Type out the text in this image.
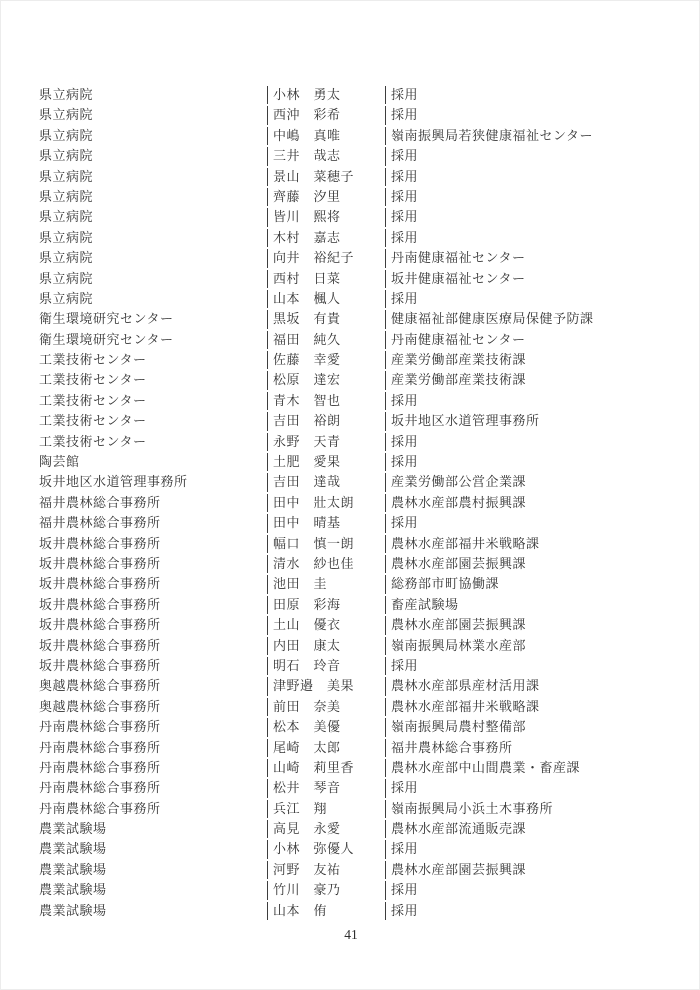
県立病院	小林　勇太	採用
県立病院	西沖　彩希	採用
県立病院	中嶋　真唯	嶺南振興局若狭健康福祉センター
県立病院	三井　哉志	採用
県立病院	景山　菜穂子	採用
県立病院	齊藤　汐里	採用
県立病院	皆川　熙将	採用
県立病院	木村　嘉志	採用
県立病院	向井　裕紀子	丹南健康福祉センター
県立病院	西村　日菜	坂井健康福祉センター
県立病院	山本　楓人	採用
衛生環境研究センター	黒坂　有貴	健康福祉部健康医療局保健予防課
衛生環境研究センター	福田　純久	丹南健康福祉センター
工業技術センター	佐藤　幸愛	産業労働部産業技術課
工業技術センター	松原　達宏	産業労働部産業技術課
工業技術センター	青木　智也	採用
工業技術センター	吉田　裕朗	坂井地区水道管理事務所
工業技術センター	永野　天青	採用
陶芸館	土肥　愛果	採用
坂井地区水道管理事務所	吉田　達哉	産業労働部公営企業課
福井農林総合事務所	田中　壯太朗	農林水産部農村振興課
福井農林総合事務所	田中　晴基	採用
坂井農林総合事務所	幅口　慎一朗	農林水産部福井米戦略課
坂井農林総合事務所	清水　紗也佳	農林水産部園芸振興課
坂井農林総合事務所	池田　圭	総務部市町協働課
坂井農林総合事務所	田原　彩海	畜産試験場
坂井農林総合事務所	土山　優衣	農林水産部園芸振興課
坂井農林総合事務所	内田　康太	嶺南振興局林業水産部
坂井農林総合事務所	明石　玲音	採用
奥越農林総合事務所	津野邉　美果	農林水産部県産材活用課
奥越農林総合事務所	前田　奈美	農林水産部福井米戦略課
丹南農林総合事務所	松本　美優	嶺南振興局農村整備部
丹南農林総合事務所	尾崎　太郎	福井農林総合事務所
丹南農林総合事務所	山崎　莉里香	農林水産部中山間農業・畜産課
丹南農林総合事務所	松井　琴音	採用
丹南農林総合事務所	兵江　翔	嶺南振興局小浜土木事務所
農業試験場	高見　永愛	農林水産部流通販売課
農業試験場	小林　弥優人	採用
農業試験場	河野　友祐	農林水産部園芸振興課
農業試験場	竹川　豪乃	採用
農業試験場	山本　侑	採用
41
